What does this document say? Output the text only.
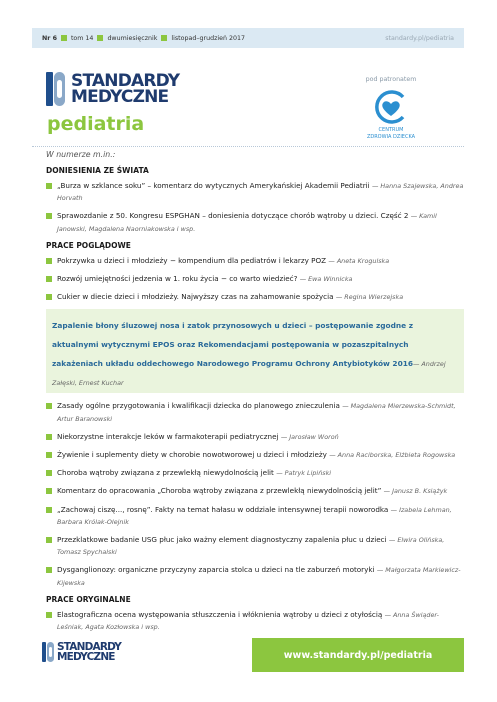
Nr 6 tom 14 dwumiesięcznik listopad–grudzień 2017	standardy.pl/pediatria
STANDARDY
MEDYCZNE
pediatria
pod patronatem
CENTRUM
ZDROWIA DZIECKA
W numerze m.in.:
DONIESIENIA ZE ŚWIATA
„Burza w szklance soku” – komentarz do wytycznych Amerykańskiej Akademii Pediatrii — Hanna Szajewska, Andrea Horvath
Sprawozdanie z 50. Kongresu ESPGHAN – doniesienia dotyczące chorób wątroby u dzieci. Część 2 — Kamil Janowski, Magdalena Naorniakowska i wsp.
PRACE POGLĄDOWE
Pokrzywka u dzieci i młodzieży − kompendium dla pediatrów i lekarzy POZ — Aneta Krogulska
Rozwój umiejętności jedzenia w 1. roku życia − co warto wiedzieć? — Ewa Winnicka
Cukier w diecie dzieci i młodzieży. Najwyższy czas na zahamowanie spożycia — Regina Wierzejska
Zapalenie błony śluzowej nosa i zatok przynosowych u dzieci – postępowanie zgodne z aktualnymi wytycznymi EPOS oraz Rekomendacjami postępowania w pozaszpitalnych zakażeniach układu oddechowego Narodowego Programu Ochrony Antybiotyków 2016— Andrzej Załęski, Ernest Kuchar
Zasady ogólne przygotowania i kwalifikacji dziecka do planowego znieczulenia — Magdalena Mierzewska-Schmidt, Artur Baranowski
Niekorzystne interakcje leków w farmakoterapii pediatrycznej — Jarosław Woroń
Żywienie i suplementy diety w chorobie nowotworowej u dzieci i młodzieży — Anna Raciborska, Elżbieta Rogowska
Choroba wątroby związana z przewlekłą niewydolnością jelit — Patryk Lipiński
Komentarz do opracowania „Choroba wątroby związana z przewlekłą niewydolnością jelit” — Janusz B. Książyk
„Zachowaj ciszę..., rosnę”. Fakty na temat hałasu w oddziale intensywnej terapii noworodka — Izabela Lehman, Barbara Królak-Olejnik
Przezklatkowe badanie USG płuc jako ważny element diagnostyczny zapalenia płuc u dzieci — Elwira Olińska, Tomasz Spychalski
Dysganglionozy: organiczne przyczyny zaparcia stolca u dzieci na tle zaburzeń motoryki — Małgorzata Markiewicz-Kijewska
PRACE ORYGINALNE
Elastograficzna ocena występowania stłuszczenia i włóknienia wątroby u dzieci z otyłością — Anna Świąder-Leśniak, Agata Kozłowska i wsp.
STANDARDY
MEDYCZNE	www.standardy.pl /pediatria
